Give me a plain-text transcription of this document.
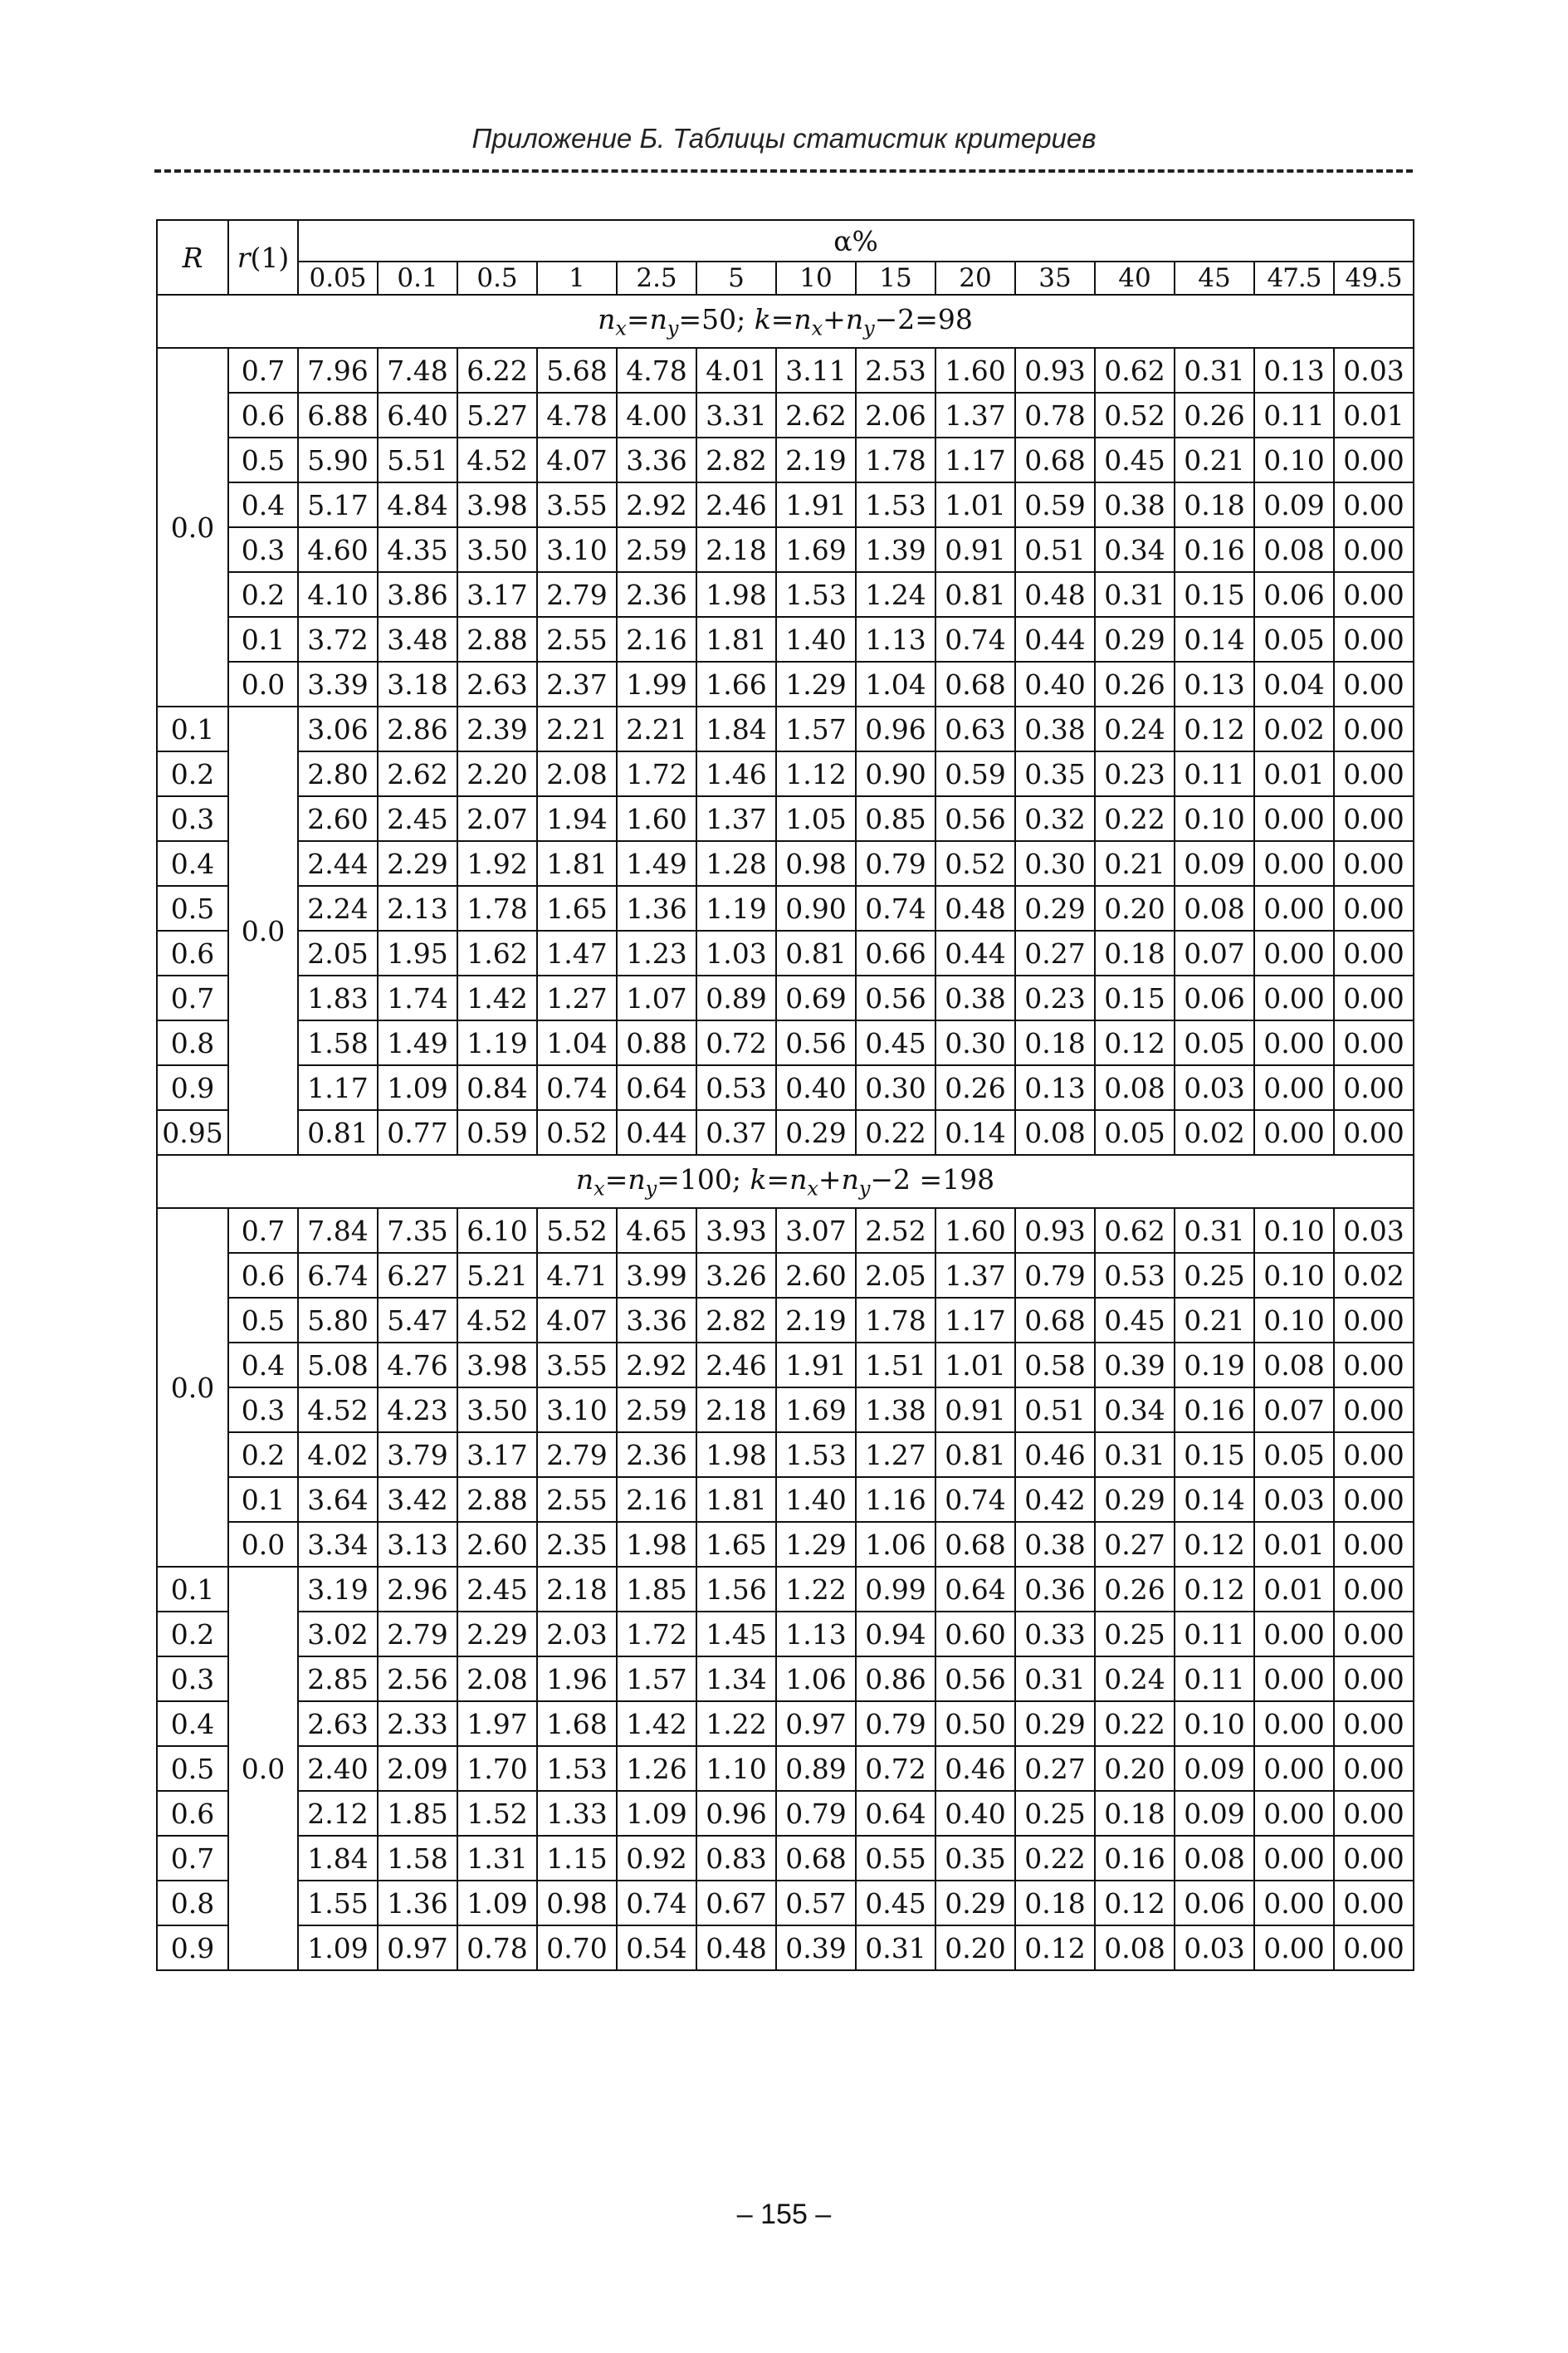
Приложение Б. Таблицы статистик критериев
R	r(1)	α%													
		0.05	0.1	0.5	1	2.5	5	10	15	20	35	40	45	47.5	49.5
$n_x=n_y=50$; $k=n_x+n_y-2=98$															
0.0	0.7	7.96	7.48	6.22	5.68	4.78	4.01	3.11	2.53	1.60	0.93	0.62	0.31	0.13	0.03
	0.6	6.88	6.40	5.27	4.78	4.00	3.31	2.62	2.06	1.37	0.78	0.52	0.26	0.11	0.01
	0.5	5.90	5.51	4.52	4.07	3.36	2.82	2.19	1.78	1.17	0.68	0.45	0.21	0.10	0.00
	0.4	5.17	4.84	3.98	3.55	2.92	2.46	1.91	1.53	1.01	0.59	0.38	0.18	0.09	0.00
	0.3	4.60	4.35	3.50	3.10	2.59	2.18	1.69	1.39	0.91	0.51	0.34	0.16	0.08	0.00
	0.2	4.10	3.86	3.17	2.79	2.36	1.98	1.53	1.24	0.81	0.48	0.31	0.15	0.06	0.00
	0.1	3.72	3.48	2.88	2.55	2.16	1.81	1.40	1.13	0.74	0.44	0.29	0.14	0.05	0.00
	0.0	3.39	3.18	2.63	2.37	1.99	1.66	1.29	1.04	0.68	0.40	0.26	0.13	0.04	0.00
0.1	0.0	3.06	2.86	2.39	2.21	2.21	1.84	1.57	0.96	0.63	0.38	0.24	0.12	0.02	0.00
0.2		2.80	2.62	2.20	2.08	1.72	1.46	1.12	0.90	0.59	0.35	0.23	0.11	0.01	0.00
0.3		2.60	2.45	2.07	1.94	1.60	1.37	1.05	0.85	0.56	0.32	0.22	0.10	0.00	0.00
0.4		2.44	2.29	1.92	1.81	1.49	1.28	0.98	0.79	0.52	0.30	0.21	0.09	0.00	0.00
0.5		2.24	2.13	1.78	1.65	1.36	1.19	0.90	0.74	0.48	0.29	0.20	0.08	0.00	0.00
0.6		2.05	1.95	1.62	1.47	1.23	1.03	0.81	0.66	0.44	0.27	0.18	0.07	0.00	0.00
0.7		1.83	1.74	1.42	1.27	1.07	0.89	0.69	0.56	0.38	0.23	0.15	0.06	0.00	0.00
0.8		1.58	1.49	1.19	1.04	0.88	0.72	0.56	0.45	0.30	0.18	0.12	0.05	0.00	0.00
0.9		1.17	1.09	0.84	0.74	0.64	0.53	0.40	0.30	0.26	0.13	0.08	0.03	0.00	0.00
0.95		0.81	0.77	0.59	0.52	0.44	0.37	0.29	0.22	0.14	0.08	0.05	0.02	0.00	0.00
$n_x=n_y=100$; $k=n_x+n_y-2 =198$															
0.0	0.7	7.84	7.35	6.10	5.52	4.65	3.93	3.07	2.52	1.60	0.93	0.62	0.31	0.10	0.03
	0.6	6.74	6.27	5.21	4.71	3.99	3.26	2.60	2.05	1.37	0.79	0.53	0.25	0.10	0.02
	0.5	5.80	5.47	4.52	4.07	3.36	2.82	2.19	1.78	1.17	0.68	0.45	0.21	0.10	0.00
	0.4	5.08	4.76	3.98	3.55	2.92	2.46	1.91	1.51	1.01	0.58	0.39	0.19	0.08	0.00
	0.3	4.52	4.23	3.50	3.10	2.59	2.18	1.69	1.38	0.91	0.51	0.34	0.16	0.07	0.00
	0.2	4.02	3.79	3.17	2.79	2.36	1.98	1.53	1.27	0.81	0.46	0.31	0.15	0.05	0.00
	0.1	3.64	3.42	2.88	2.55	2.16	1.81	1.40	1.16	0.74	0.42	0.29	0.14	0.03	0.00
	0.0	3.34	3.13	2.60	2.35	1.98	1.65	1.29	1.06	0.68	0.38	0.27	0.12	0.01	0.00
0.1	0.0	3.19	2.96	2.45	2.18	1.85	1.56	1.22	0.99	0.64	0.36	0.26	0.12	0.01	0.00
0.2		3.02	2.79	2.29	2.03	1.72	1.45	1.13	0.94	0.60	0.33	0.25	0.11	0.00	0.00
0.3		2.85	2.56	2.08	1.96	1.57	1.34	1.06	0.86	0.56	0.31	0.24	0.11	0.00	0.00
0.4		2.63	2.33	1.97	1.68	1.42	1.22	0.97	0.79	0.50	0.29	0.22	0.10	0.00	0.00
0.5		2.40	2.09	1.70	1.53	1.26	1.10	0.89	0.72	0.46	0.27	0.20	0.09	0.00	0.00
0.6		2.12	1.85	1.52	1.33	1.09	0.96	0.79	0.64	0.40	0.25	0.18	0.09	0.00	0.00
0.7		1.84	1.58	1.31	1.15	0.92	0.83	0.68	0.55	0.35	0.22	0.16	0.08	0.00	0.00
0.8		1.55	1.36	1.09	0.98	0.74	0.67	0.57	0.45	0.29	0.18	0.12	0.06	0.00	0.00
0.9		1.09	0.97	0.78	0.70	0.54	0.48	0.39	0.31	0.20	0.12	0.08	0.03	0.00	0.00
– 155 –
